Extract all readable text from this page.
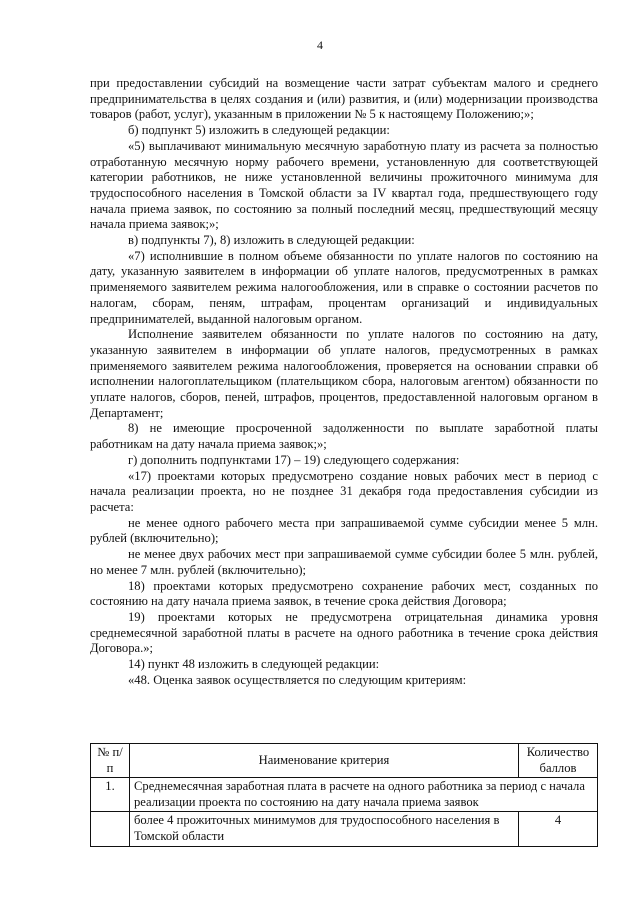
4

при предоставлении субсидий на возмещение части затрат субъектам малого и среднего предпринимательства в целях создания и (или) развития, и (или) модернизации производства товаров (работ, услуг), указанным в приложении № 5 к настоящему Положению;»;

б) подпункт 5) изложить в следующей редакции:

«5) выплачивают минимальную месячную заработную плату из расчета за полностью отработанную месячную норму рабочего времени, установленную для соответствующей категории работников, не ниже установленной величины прожиточного минимума для трудоспособного населения в Томской области за IV квартал года, предшествующего году начала приема заявок, по состоянию за полный последний месяц, предшествующий месяцу начала приема заявок;»;

в) подпункты 7), 8) изложить в следующей редакции:

«7) исполнившие в полном объеме обязанности по уплате налогов по состоянию на дату, указанную заявителем в информации об уплате налогов, предусмотренных в рамках применяемого заявителем режима налогообложения, или в справке о состоянии расчетов по налогам, сборам, пеням, штрафам, процентам организаций и индивидуальных предпринимателей, выданной налоговым органом.

Исполнение заявителем обязанности по уплате налогов по состоянию на дату, указанную заявителем в информации об уплате налогов, предусмотренных в рамках применяемого заявителем режима налогообложения, проверяется на основании справки об исполнении налогоплательщиком (плательщиком сбора, налоговым агентом) обязанности по уплате налогов, сборов, пеней, штрафов, процентов, предоставленной налоговым органом в Департамент;

8) не имеющие просроченной задолженности по выплате заработной платы работникам на дату начала приема заявок;»;

г) дополнить подпунктами 17) – 19) следующего содержания:

«17) проектами которых предусмотрено создание новых рабочих мест в период с начала реализации проекта, но не позднее 31 декабря года предоставления субсидии из расчета:

не менее одного рабочего места при запрашиваемой сумме субсидии менее 5 млн. рублей (включительно);

не менее двух рабочих мест при запрашиваемой сумме субсидии более 5 млн. рублей, но менее 7 млн. рублей (включительно);

18) проектами которых предусмотрено сохранение рабочих мест, созданных по состоянию на дату начала приема заявок, в течение срока действия Договора;

19) проектами которых не предусмотрена отрицательная динамика уровня среднемесячной заработной платы в расчете на одного работника в течение срока действия Договора.»;

14) пункт 48 изложить в следующей редакции:

«48. Оценка заявок осуществляется по следующим критериям:

№ п/п	Наименование критерия	Количество баллов
1.	Среднемесячная заработная плата в расчете на одного работника за период с начала реализации проекта по состоянию на дату начала приема заявок	
	более 4 прожиточных минимумов для трудоспособного населения в Томской области	4
